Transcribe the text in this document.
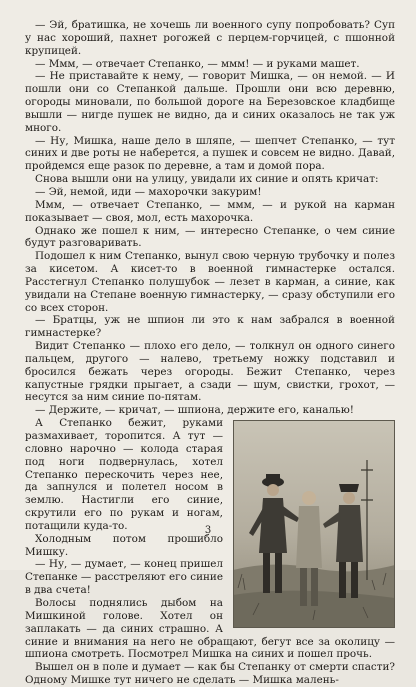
— Эй, братишка, не хочешь ли военного супу попробовать? Суп у нас хороший, пахнет рогожей с перцем-горчицей, с пшонной крупицей.

— Ммм, — отвечает Степанко, — ммм! — и руками машет.

— Не приставайте к нему, — говорит Мишка, — он немой. — И пошли они со Степанкой дальше. Прошли они всю деревню, огороды миновали, по большой дороге на Березовское кладбище вышли — нигде пушек не видно, да и синих оказалось не так уж много.

— Ну, Мишка, наше дело в шляпе, — шепчет Степанко, — тут синих и две роты не наберется, а пушек и совсем не видно. Давай, пройдемся еще разок по деревне, а там и домой пора.

Снова вышли они на улицу, увидали их синие и опять кричат:

— Эй, немой, иди — махорочки закурим!

Ммм, — отвечает Степанко, — ммм, — и рукой на карман показывает — своя, мол, есть махорочка.

Однако же пошел к ним, — интересно Степанке, о чем синие будут разговаривать.

Подошел к ним Степанко, вынул свою черную трубочку и полез за кисетом. А кисет-то в военной гимнастерке остался. Расстегнул Степанко полушубок — лезет в карман, а синие, как увидали на Степане военную гимнастерку, — сразу обступили его со всех сторон.

— Братцы, уж не шпион ли это к нам забрался в военной гимнастерке?

Видит Степанко — плохо его дело, — толкнул он одного синего пальцем, другого — налево, третьему ножку подставил и бросился бежать через огороды. Бежит Степанко, через капустные грядки прыгает, а сзади — шум, свистки, грохот, — несутся за ним синие по-пятам.

— Держите, — кричат, — шпиона, держите его, каналью!

А Степанко бежит, руками размахивает, торопится. А тут — словно нарочно — колода старая под ноги подвернулась, хотел Степанко перескочить через нее, да запнулся и полетел носом в землю. Настигли его синие, скрутили его по рукам и ногам, потащили куда-то.

Холодным потом прошибло Мишку.

— Ну, — думает, — конец пришел Степанке — расстреляют его синие в два счета!

Волосы поднялись дыбом на Мишкиной голове. Хотел он заплакать — да синих страшно. А синие и внимания на него не обращают, бегут все за околицу — шпиона смотреть. Посмотрел Мишка на синих и пошел прочь.

Вышел он в поле и думает — как бы Степанку от смерти спасти? Одному Мишке тут ничего не сделать — Мишка малень-

3
